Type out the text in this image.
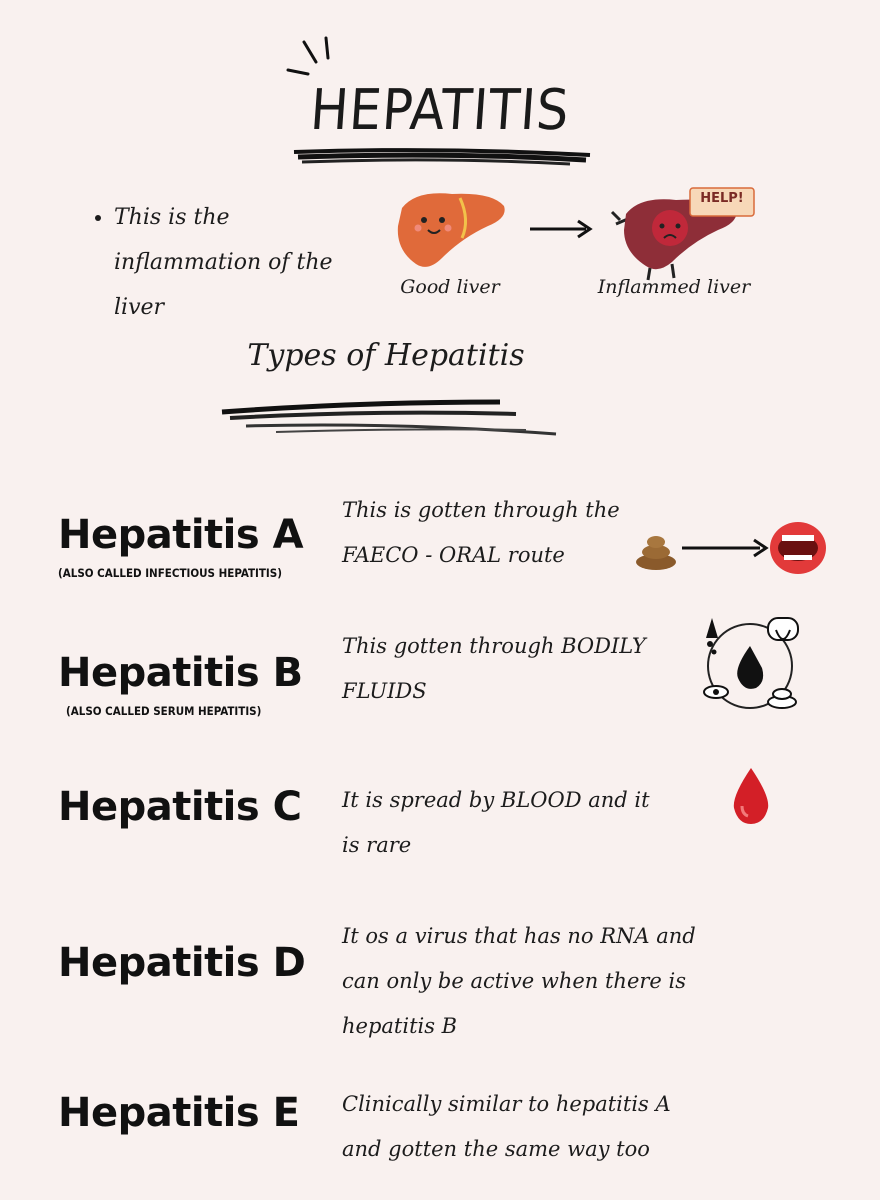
HEPATITIS
• This is the inflammation of the liver
Good liver
HELP!
Inflammed liver
Types of Hepatitis
Hepatitis A
(ALSO CALLED INFECTIOUS HEPATITIS)
This is gotten through the FAECO - ORAL route
Hepatitis B
(ALSO CALLED SERUM HEPATITIS)
This gotten through BODILY FLUIDS
Hepatitis C It is spread by BLOOD and it is rare
Hepatitis D
It os a virus that has no RNA and can only be active when there is hepatitis B
Hepatitis E Clinically similar to hepatitis A and gotten the same way too
